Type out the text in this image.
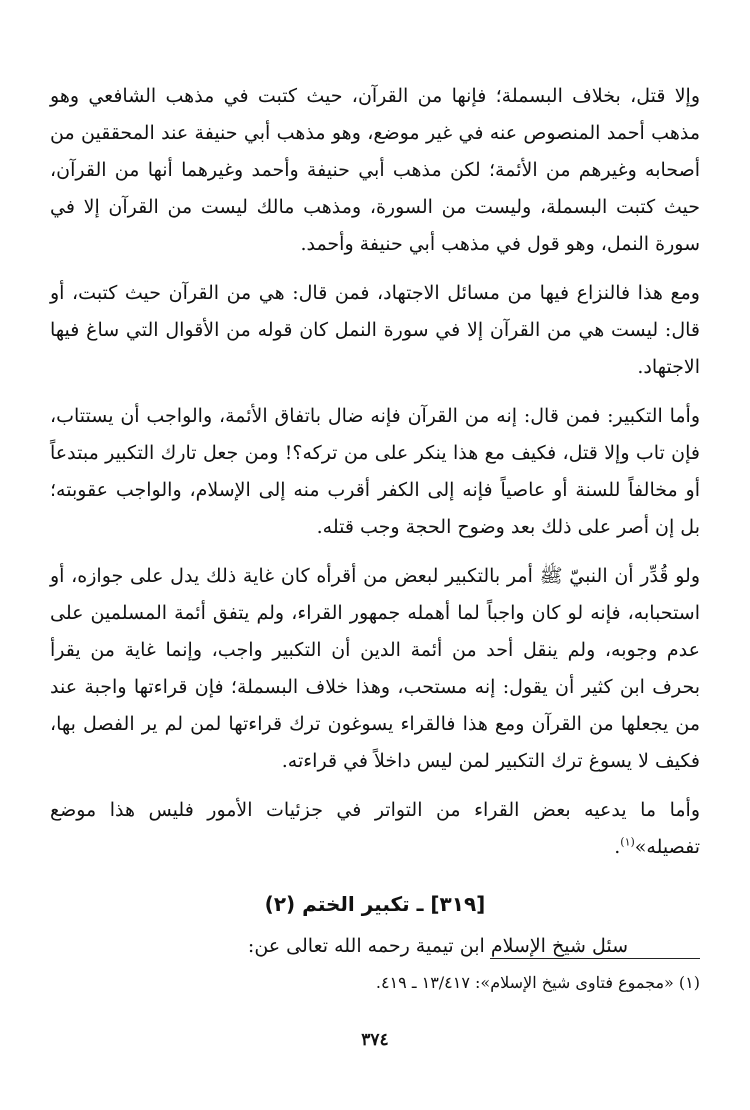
وإلا قتل، بخلاف البسملة؛ فإنها من القرآن، حيث كتبت في مذهب الشافعي وهو مذهب أحمد المنصوص عنه في غير موضع، وهو مذهب أبي حنيفة عند المحققين من أصحابه وغيرهم من الأئمة؛ لكن مذهب أبي حنيفة وأحمد وغيرهما أنها من القرآن، حيث كتبت البسملة، وليست من السورة، ومذهب مالك ليست من القرآن إلا في سورة النمل، وهو قول في مذهب أبي حنيفة وأحمد.

ومع هذا فالنزاع فيها من مسائل الاجتهاد، فمن قال: هي من القرآن حيث كتبت، أو قال: ليست هي من القرآن إلا في سورة النمل كان قوله من الأقوال التي ساغ فيها الاجتهاد.

وأما التكبير: فمن قال: إنه من القرآن فإنه ضال باتفاق الأئمة، والواجب أن يستتاب، فإن تاب وإلا قتل، فكيف مع هذا ينكر على من تركه؟! ومن جعل تارك التكبير مبتدعاً أو مخالفاً للسنة أو عاصياً فإنه إلى الكفر أقرب منه إلى الإسلام، والواجب عقوبته؛ بل إن أصر على ذلك بعد وضوح الحجة وجب قتله.

ولو قُدِّر أن النبيّ ﷺ أمر بالتكبير لبعض من أقرأه كان غاية ذلك يدل على جوازه، أو استحبابه، فإنه لو كان واجباً لما أهمله جمهور القراء، ولم يتفق أئمة المسلمين على عدم وجوبه، ولم ينقل أحد من أئمة الدين أن التكبير واجب، وإنما غاية من يقرأ بحرف ابن كثير أن يقول: إنه مستحب، وهذا خلاف البسملة؛ فإن قراءتها واجبة عند من يجعلها من القرآن ومع هذا فالقراء يسوغون ترك قراءتها لمن لم ير الفصل بها، فكيف لا يسوغ ترك التكبير لمن ليس داخلاً في قراءته.

وأما ما يدعيه بعض القراء من التواتر في جزئيات الأمور فليس هذا موضع تفصيله»$^{(١)}$.

[٣١٩] ـ تكبير الختم (٢)

سئل شيخ الإسلام ابن تيمية رحمه الله تعالى عن:

(١) «مجموع فتاوى شيخ الإسلام»: ١٣/٤١٧ ـ ٤١٩.
٣٧٤
